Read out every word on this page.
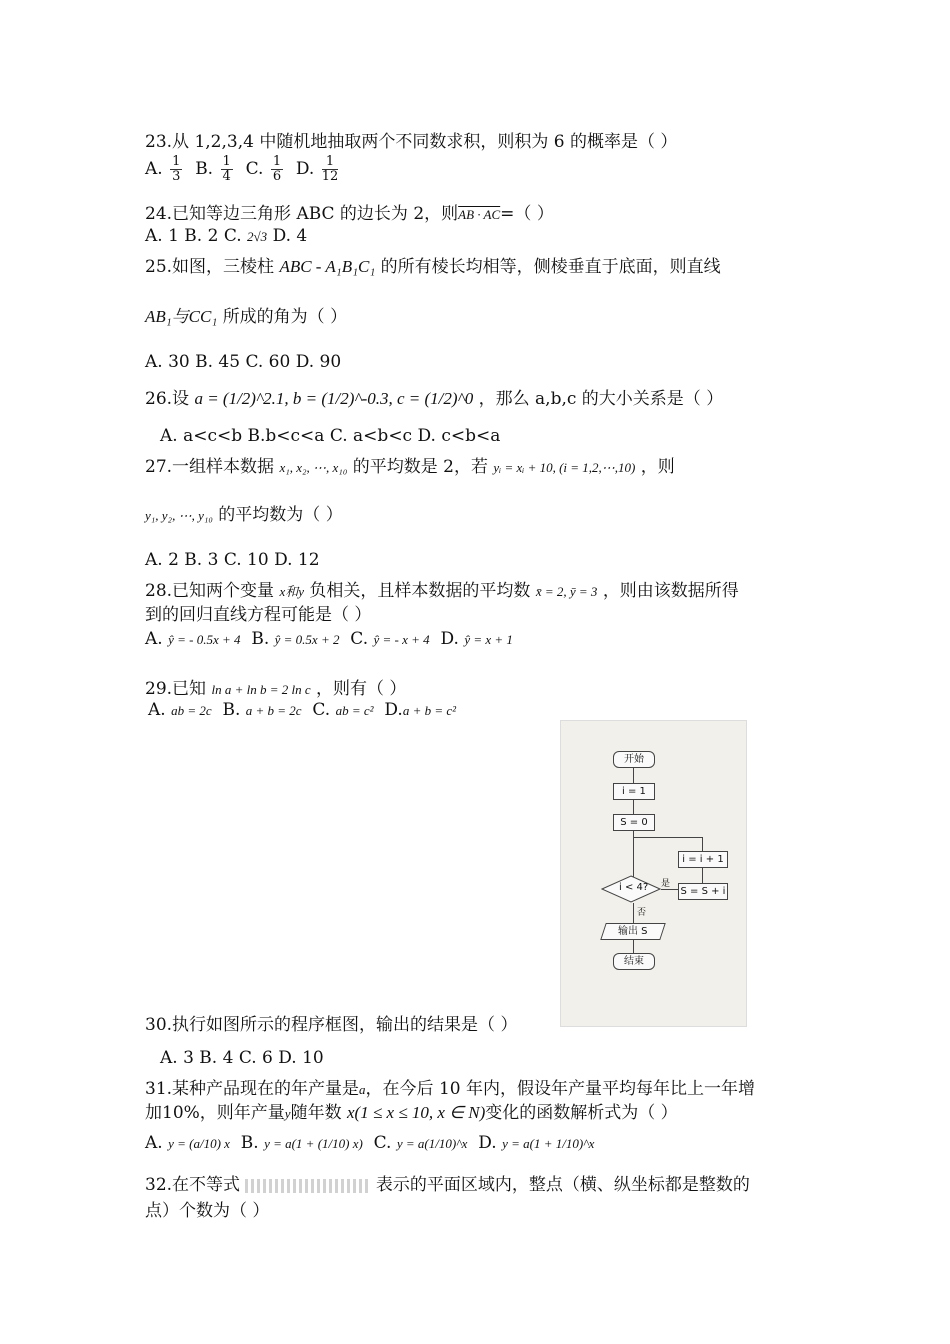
23.从 1,2,3,4 中随机地抽取两个不同数求积，则积为 6 的概率是（ ）
A. $\frac{1}{3} B$. $\frac{1}{4} C$. $\frac{1}{6} D$. $\frac{1}{12}$
24.已知等边三角形 ABC 的边长为 2，则AB · AC=（ ）
A. 1 B. 2 C. 2√3 D. 4
25.如图，三棱柱 ABC - A₁B₁C₁ 的所有棱长均相等，侧棱垂直于底面，则直线
AB₁与CC₁ 所成的角为（ ）
A. 30 B. 45 C. 60 D. 90
26.设 a = (1/2)^2.1, b = (1/2)^-0.3, c = (1/2)^0 ，那么 a,b,c 的大小关系是（ ）
A. a<c<b B.b<c<a C. a<b<c D. c<b<a
27.一组样本数据 x₁, x₂, ⋯, x₁₀ 的平均数是 2，若 yᵢ = xᵢ + 10, (i = 1,2,⋯,10) ，则
y₁, y₂, ⋯, y₁₀ 的平均数为（ ）
A. 2 B. 3 C. 10 D. 12
28.已知两个变量 x和y 负相关，且样本数据的平均数 x̄ = 2, ȳ = 3 ，则由该数据所得
到的回归直线方程可能是（ ）
A. ŷ = - 0.5x + 4 B. ŷ = 0.5x + 2 C. ŷ = - x + 4 D. ŷ = x + 1
29.已知 ln a + ln b = 2 ln c ，则有（ ）
A. ab = 2c B. a + b = 2c C. ab = c² D.a + b = c²
开始
i = 1
S = 0
i < 4? 是
S = S + i
i = i + 1
否
输出 S
结束
30.执行如图所示的程序框图，输出的结果是（ ）
A. 3 B. 4 C. 6 D. 10
31.某种产品现在的年产量是a，在今后 10 年内，假设年产量平均每年比上一年增
加10%，则年产量y随年数 x(1 ≤ x ≤ 10, x ∈ N)变化的函数解析式为（ ）
A. y = (a/10) x B. y = a(1 + (1/10) x) C. y = a(1/10)^x D. y = a(1 + 1/10)^x
32.在不等式	表示的平面区域内，整点（横、纵坐标都是整数的
点）个数为（ ）
